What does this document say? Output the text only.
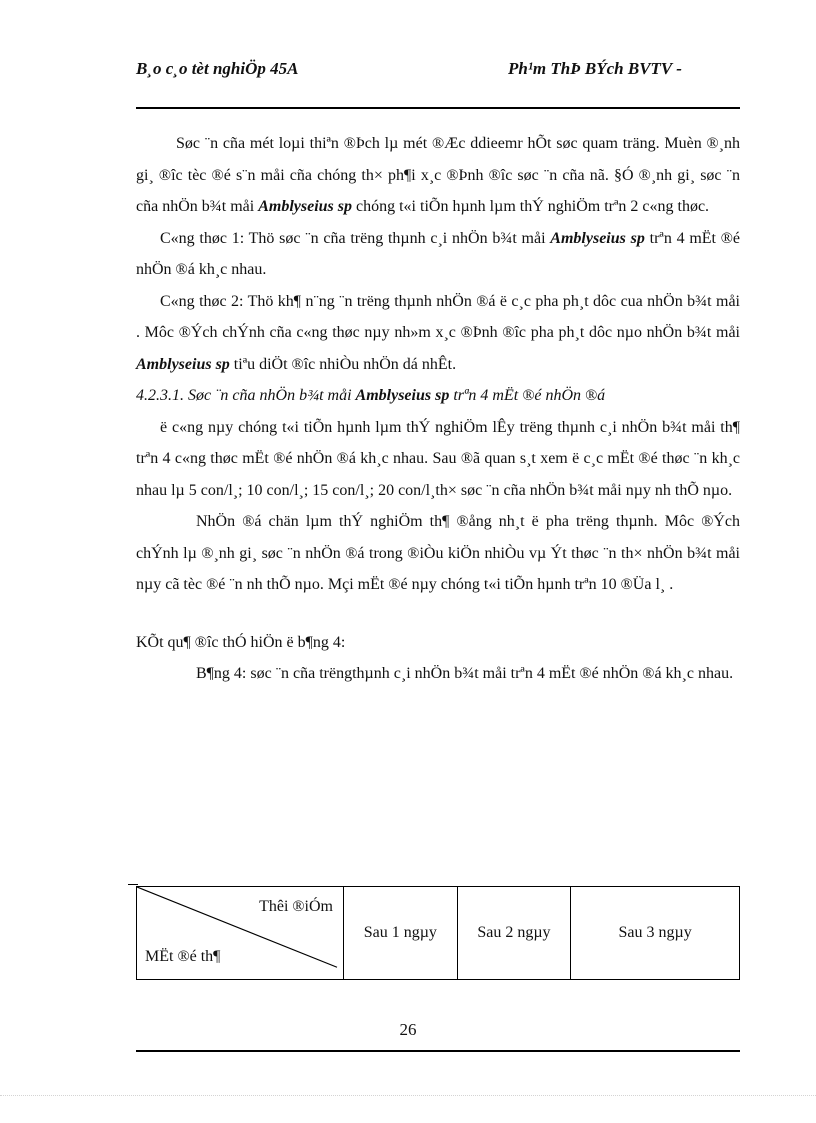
B¸o c¸o tèt nghiÖp 45A	Ph¹m ThÞ BÝch BVTV -

Søc ¨n cña mét loµi thiªn ®Þch lµ mét ®Æc ddieemr hÕt søc quam träng. Muèn ®¸nh gi¸ ®îc tèc ®é s¨n måi cña chóng th× ph¶i x¸c ®Þnh ®îc søc ¨n cña nã. §Ó ®¸nh gi¸ søc ¨n cña nhÖn b¾t måi Amblyseius sp chóng t«i tiÕn hµnh lµm thÝ nghiÖm trªn 2 c«ng thøc.

C«ng thøc 1: Thö søc ¨n cña trëng thµnh c¸i nhÖn b¾t måi Amblyseius sp trªn 4 mËt ®é nhÖn ®á kh¸c nhau.

C«ng thøc 2: Thö kh¶ n¨ng ¨n trëng thµnh nhÖn ®á ë c¸c pha ph¸t dôc cua nhÖn b¾t måi . Môc ®Ých chÝnh cña c«ng thøc nµy nh»m x¸c ®Þnh ®îc pha ph¸t dôc nµo nhÖn b¾t måi Amblyseius sp tiªu diÖt ®îc nhiÒu nhÖn dá nhÊt.

4.2.3.1. Søc ¨n cña nhÖn b¾t måi Amblyseius sp trªn 4 mËt ®é nhÖn ®á

ë c«ng nµy chóng t«i tiÕn hµnh lµm thÝ nghiÖm lÊy trëng thµnh c¸i nhÖn b¾t måi th¶ trªn 4 c«ng thøc mËt ®é nhÖn ®á kh¸c nhau. Sau ®ã quan s¸t xem ë c¸c mËt ®é thøc ¨n kh¸c nhau lµ 5 con/l¸; 10 con/l¸; 15 con/l¸; 20 con/l¸th× søc ¨n cña nhÖn b¾t måi nµy nh thÕ nµo.

NhÖn ®á chän lµm thÝ nghiÖm th¶ ®ång nh¸t ë pha trëng thµnh. Môc ®Ých chÝnh lµ ®¸nh gi¸ søc ¨n nhÖn ®á trong ®iÒu kiÖn nhiÒu vµ Ýt thøc ¨n th× nhÖn b¾t måi nµy cã tèc ®é ¨n nh thÕ nµo. Mçi mËt ®é nµy chóng t«i tiÕn hµnh trªn 10 ®Üa l¸ .

KÕt qu¶ ®îc thÓ hiÖn ë b¶ng 4:

B¶ng 4: søc ¨n cña trëngthµnh c¸i nhÖn b¾t måi trªn 4 mËt ®é nhÖn ®á kh¸c nhau.

Thêi ®iÓm
MËt ®é th¶
	Sau 1 ngµy	Sau 2 ngµy	Sau 3 ngµy
26
